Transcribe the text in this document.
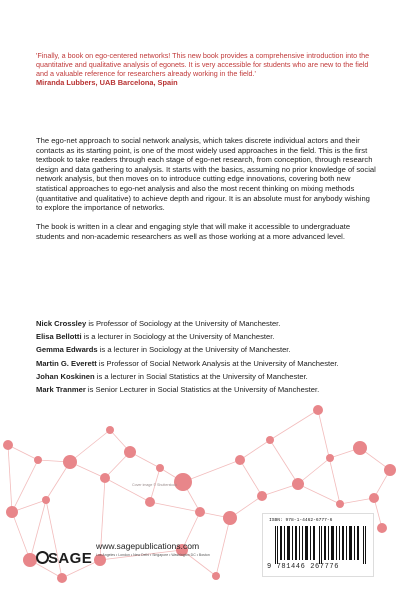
'Finally, a book on ego-centered networks! This new book provides a comprehensive introduction into the quantitative and qualitative analysis of egonets. It is very accessible for students who are new to the field and a valuable reference for researchers already working in the field.'
Miranda Lubbers, UAB Barcelona, Spain

The ego-net approach to social network analysis, which takes discrete individual actors and their contacts as its starting point, is one of the most widely used approaches in the field. This is the first textbook to take readers through each stage of ego-net research, from conception, through research design and data gathering to analysis. It starts with the basics, assuming no prior knowledge of social network analysis, but then moves on to introduce cutting edge innovations, covering both new statistical approaches to ego-net analysis and also the most recent thinking on mixing methods (quantitative and qualitative) to achieve depth and rigour. It is an absolute must for anybody wishing to explore the importance of networks.

The book is written in a clear and engaging style that will make it accessible to undergraduate students and non-academic researchers as well as those working at a more advanced level.

Nick Crossley is Professor of Sociology at the University of Manchester.
Elisa Bellotti is a lecturer in Sociology at the University of Manchester.
Gemma Edwards is a lecturer in Sociology at the University of Manchester.
Martin G. Everett is Professor of Social Network Analysis at the University of Manchester.
Johan Koskinen is a lecturer in Social Statistics at the University of Manchester.
Mark Tranmer is Senior Lecturer in Social Statistics at the University of Manchester.
Cover image © Shutterstock
SAGE
www.sagepublications.com
Los Angeles • London • New Delhi • Singapore • Washington DC • Boston
ISBN: 978-1-4462-6777-6
9 781446 267776
